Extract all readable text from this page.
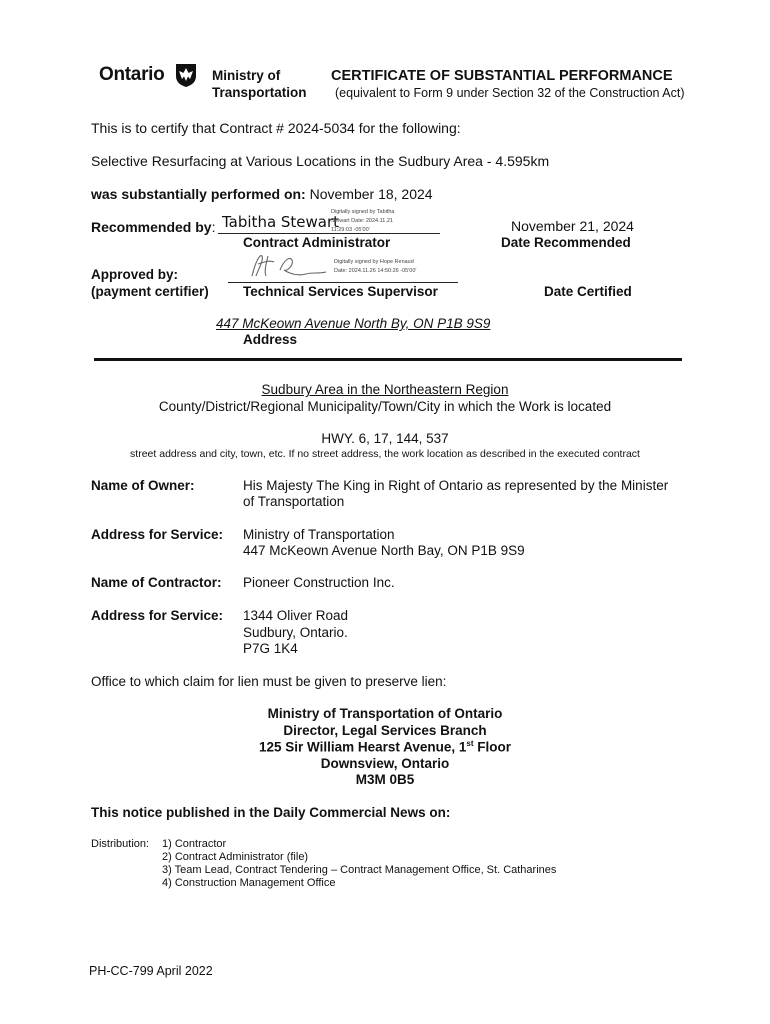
Ontario	Ministry of
Transportation
CERTIFICATE OF SUBSTANTIAL PERFORMANCE
(equivalent to Form 9 under Section 32 of the Construction Act)
This is to certify that Contract # 2024-5034 for the following:
Selective Resurfacing at Various Locations in the Sudbury Area - 4.595km
was substantially performed on: November 18, 2024
Recommended by: Tabitha Stewart
Digitally signed by Tabitha Stewart Date: 2024.11.21 11:29:03 -05'00'
Contract Administrator
November 21, 2024
Date Recommended
Approved by:
(payment certifier)
Digitally signed by Hope Renaud Date: 2024.11.26 14:50:26 -05'00'
Technical Services Supervisor	Date Certified
447 McKeown Avenue North By, ON P1B 9S9
Address
Sudbury Area in the Northeastern Region
County/District/Regional Municipality/Town/City in which the Work is located
HWY. 6, 17, 144, 537
street address and city, town, etc. If no street address, the work location as described in the executed contract
Name of Owner:	His Majesty The King in Right of Ontario as represented by the Minister
of Transportation
Address for Service: Ministry of Transportation
447 McKeown Avenue North Bay, ON P1B 9S9
Name of Contractor: Pioneer Construction Inc.
Address for Service: 1344 Oliver Road
Sudbury, Ontario.
P7G 1K4
Office to which claim for lien must be given to preserve lien:
Ministry of Transportation of Ontario
Director, Legal Services Branch
125 Sir William Hearst Avenue, 1st Floor
Downsview, Ontario
M3M 0B5
This notice published in the Daily Commercial News on:
Distribution: 1) Contractor
2) Contract Administrator (file)
3) Team Lead, Contract Tendering – Contract Management Office, St. Catharines
4) Construction Management Office
PH-CC-799 April 2022
